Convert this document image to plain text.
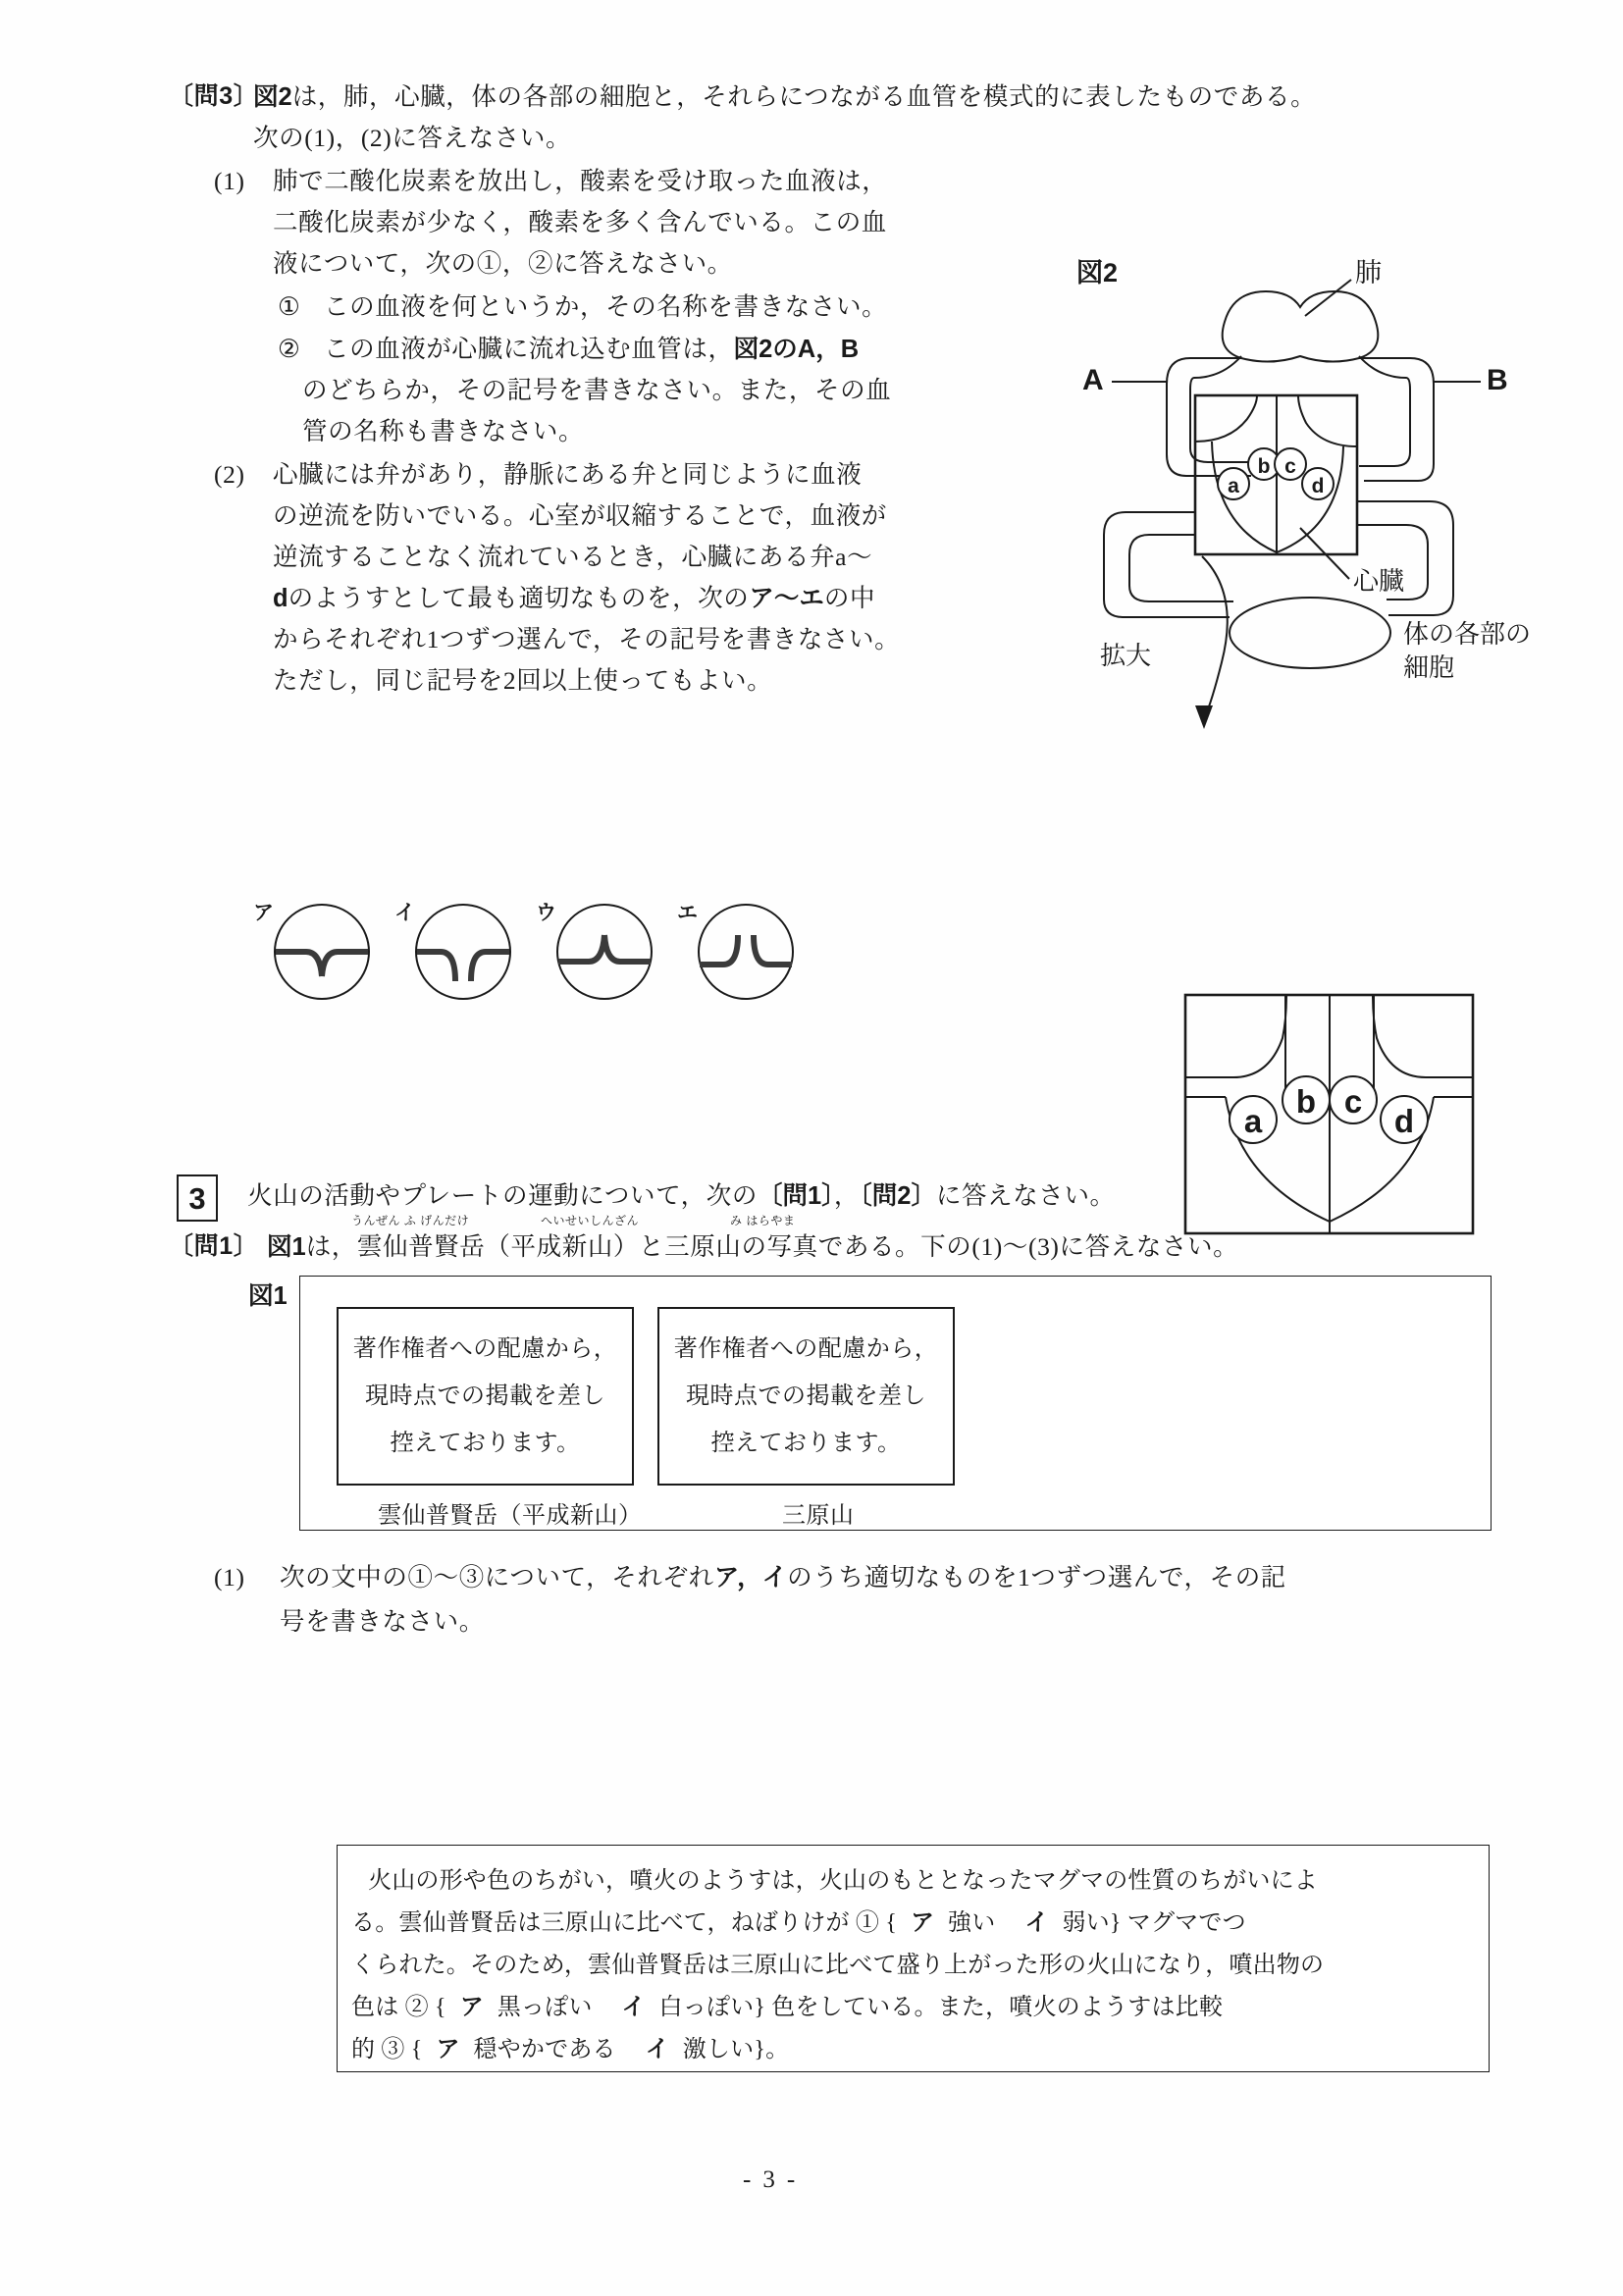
〔問3〕
図2は，肺，心臓，体の各部の細胞と，それらにつながる血管を模式的に表したものである。
次の(1)，(2)に答えなさい。
(1) 肺で二酸化炭素を放出し，酸素を受け取った血液は，
二酸化炭素が少なく，酸素を多く含んでいる。この血
液について，次の①，②に答えなさい。
① この血液を何というか，その名称を書きなさい。
② この血液が心臓に流れ込む血管は，図2のA，B
のどちらか，その記号を書きなさい。また，その血
管の名称も書きなさい。
(2) 心臓には弁があり，静脈にある弁と同じように血液
の逆流を防いでいる。心室が収縮することで，血液が
逆流することなく流れているとき，心臓にある弁a〜
dのようすとして最も適切なものを，次のア〜エの中
からそれぞれ1つずつ選んで，その記号を書きなさい。
ただし，同じ記号を2回以上使ってもよい。
ア	イ	ウ	エ
図2	肺
A	B
a
b c
d
心臓
体の各部の
細胞
拡大
a
b c
d
3	火山の活動やプレートの運動について，次の〔問1〕，〔問2〕に答えなさい。
〔問1〕 図1は，雲仙普賢岳（平成新山）と三原山の写真である。下の(1)〜(3)に答えなさい。
うんぜん ふ げんだけ	へいせいしんざん	み はらやま
図1
著作権者への配慮から，
現時点での掲載を差し
控えております。
雲仙普賢岳（平成新山）
著作権者への配慮から，
現時点での掲載を差し
控えております。
三原山
(1) 次の文中の①〜③について，それぞれア，イのうち適切なものを1つずつ選んで，その記
号を書きなさい。
火山の形や色のちがい，噴火のようすは，火山のもととなったマグマの性質のちがいによ
る。雲仙普賢岳は三原山に比べて，ねばりけが ① { ア 強い イ 弱い} マグマでつ
くられた。そのため，雲仙普賢岳は三原山に比べて盛り上がった形の火山になり，噴出物の
色は ② { ア 黒っぽい イ 白っぽい} 色をしている。また，噴火のようすは比較
的 ③ { ア 穏やかである イ 激しい}。
-3-
